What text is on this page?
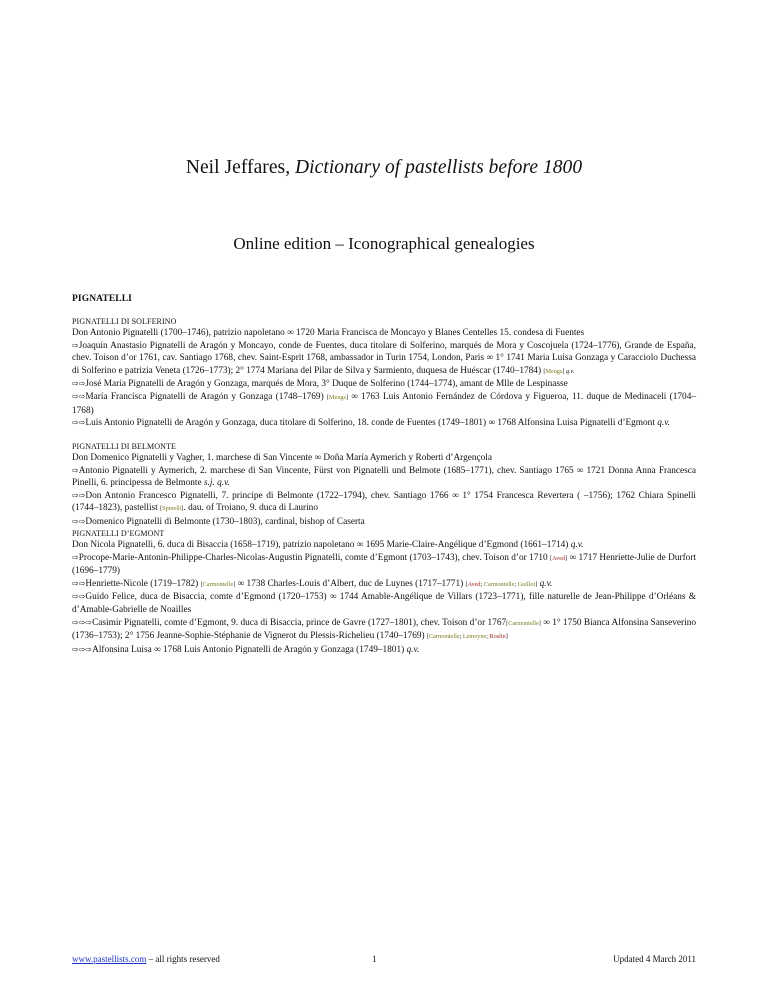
Neil Jeffares, Dictionary of pastellists before 1800
Online edition – Iconographical genealogies
PIGNATELLI
PIGNATELLI DI SOLFERINO
Don Antonio Pignatelli (1700–1746), patrizio napoletano ∞ 1720 Maria Francisca de Moncayo y Blanes Centelles 15. condesa di Fuentes
⇨Joaquín Anastasio Pignatelli de Aragón y Moncayo, conde de Fuentes, duca titolare di Solferino, marqués de Mora y Coscojuela (1724–1776), Grande de España, chev. Toison d’or 1761, cav. Santiago 1768, chev. Saint-Esprit 1768, ambassador in Turin 1754, London, Paris ∞ 1° 1741 Maria Luisa Gonzaga y Caracciolo Duchessa di Solferino e patrizia Veneta (1726–1773); 2° 1774 Mariana del Pilar de Silva y Sarmiento, duquesa de Huéscar (1740–1784) [Mengs] q.v.
⇨⇨José María Pignatelli de Aragón y Gonzaga, marqués de Mora, 3° Duque de Solferino (1744–1774), amant de Mlle de Lespinasse
⇨⇨María Francisca Pignatelli de Aragón y Gonzaga (1748–1769) [Mengs] ∞ 1763 Luis Antonio Fernández de Córdova y Figueroa, 11. duque de Medinaceli (1704–1768)
⇨⇨Luis Antonio Pignatelli de Aragón y Gonzaga, duca titolare di Solferino, 18. conde de Fuentes (1749–1801) ∞ 1768 Alfonsina Luisa Pignatelli d’Egmont q.v.
PIGNATELLI DI BELMONTE
Don Domenico Pignatelli y Vagher, 1. marchese di San Vincente ∞ Doña María Aymerich y Roberti d’Argençola
⇨Antonio Pignatelli y Aymerich, 2. marchese di San Vincente, Fürst von Pignatelli und Belmote (1685–1771), chev. Santiago 1765 ∞ 1721 Donna Anna Francesca Pinelli, 6. principessa de Belmonte s.j. q.v.
⇨⇨Don Antonio Francesco Pignatelli, 7. principe di Belmonte (1722–1794), chev. Santiago 1766 ∞ 1° 1754 Francesca Revertera ( –1756); 1762 Chiara Spinelli (1744–1823), pastellist [Spinelli]. dau. of Troiano, 9. duca di Laurino
⇨⇨Domenico Pignatelli di Belmonte (1730–1803), cardinal, bishop of Caserta
PIGNATELLI D’EGMONT
Don Nicola Pignatelli, 6. duca di Bisaccia (1658–1719), patrizio napoletano ∞ 1695 Marie-Claire-Angélique d’Egmond (1661–1714) q.v.
⇨Procope-Marie-Antonin-Philippe-Charles-Nicolas-Augustin Pignatelli, comte d’Egmont (1703–1743), chev. Toison d’or 1710 [Aved] ∞ 1717 Henriette-Julie de Durfort (1696–1779)
⇨⇨Henriette-Nicole (1719–1782) [Carmontelle] ∞ 1738 Charles-Louis d’Albert, duc de Luynes (1717–1771) [Aved; Carmontelle; Guillot] q.v.
⇨⇨Guido Felice, duca de Bisaccia, comte d’Egmond (1720–1753) ∞ 1744 Amable-Angélique de Villars (1723–1771), fille naturelle de Jean-Philippe d’Orléans & d’Amable-Gabrielle de Noailles
⇨⇨⇨Casimir Pignatelli, comte d’Egmont, 9. duca di Bisaccia, prince de Gavre (1727–1801), chev. Toison d’or 1767[Carmontelle] ∞ 1° 1750 Bianca Alfonsina Sanseverino (1736–1753); 2° 1756 Jeanne-Sophie-Stéphanie de Vignerot du Plessis-Richelieu (1740–1769) [Carmontelle; Lemoyne; Roslin]
⇨⇨⇨Alfonsina Luisa ∞ 1768 Luis Antonio Pignatelli de Aragón y Gonzaga (1749–1801) q.v.
www.pastellists.com – all rights reserved	1	Updated 4 March 2011
